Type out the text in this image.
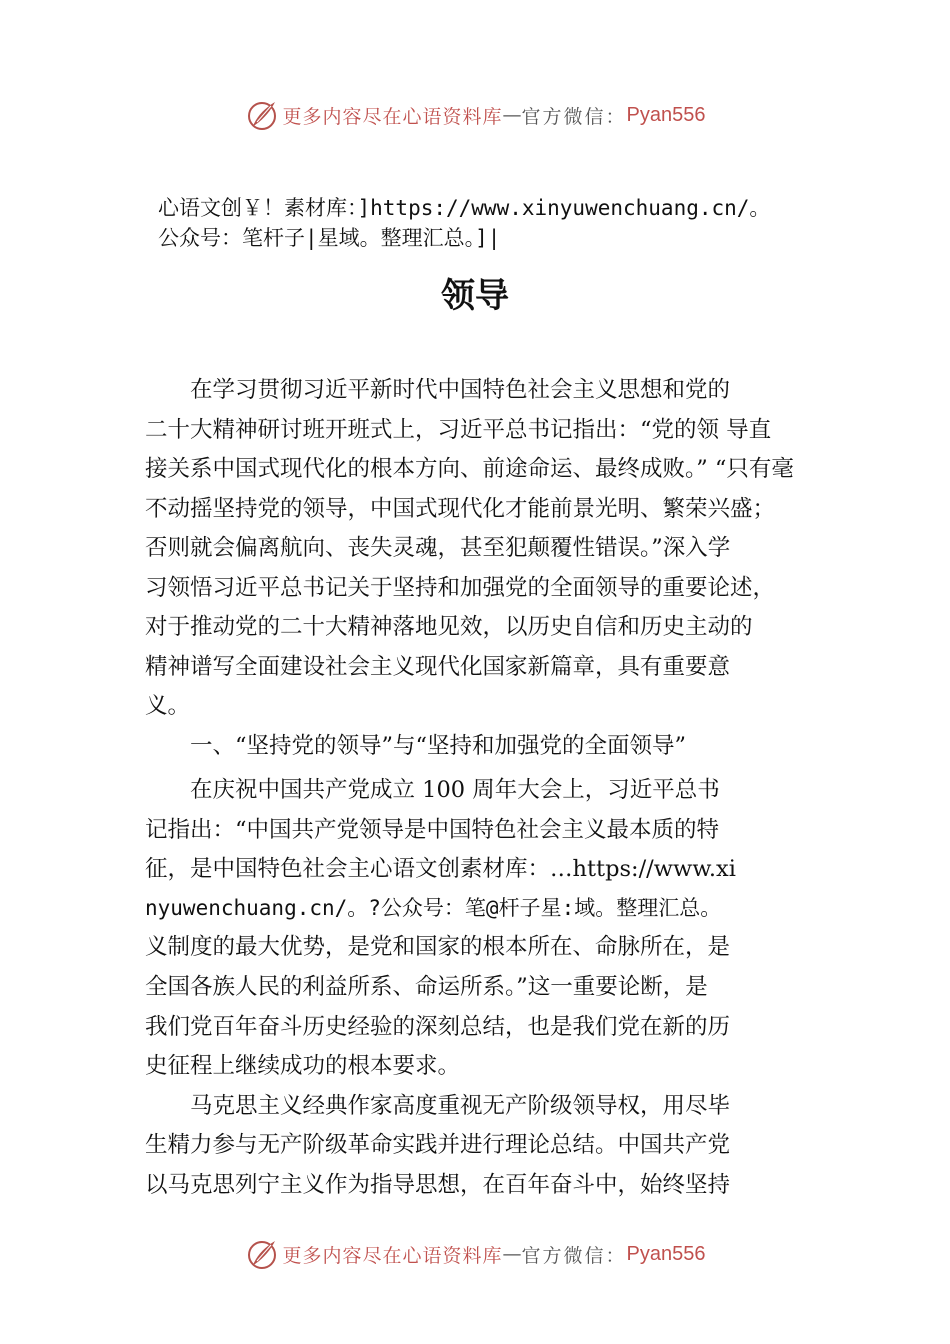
更多内容尽在心语资料库 — 官方微信： Pyan556
心语文创￥！素材库：]https://www.xinyuwenchuang.cn/。
公众号：笔杆子|星域。整理汇总。]|
领导
　　在学习贯彻习近平新时代中国特色社会主义思想和党的
二十大精神研讨班开班式上，习近平总书记指出：“党的领 导直
接关系中国式现代化的根本方向、前途命运、最终成败。” “只有毫
不动摇坚持党的领导，中国式现代化才能前景光明、繁荣兴盛；
否则就会偏离航向、丧失灵魂，甚至犯颠覆性错误。”深入学
习领悟习近平总书记关于坚持和加强党的全面领导的重要论述，
对于推动党的二十大精神落地见效，以历史自信和历史主动的
精神谱写全面建设社会主义现代化国家新篇章，具有重要意
义。
　　一、“坚持党的领导”与“坚持和加强党的全面领导”
　　在庆祝中国共产党成立 100 周年大会上，习近平总书
记指出：“中国共产党领导是中国特色社会主义最本质的特
征，是中国特色社会主心语文创素材库：…https://www.xi
nyuwenchuang.cn/。?公众号：笔@杆子星:域。整理汇总。
义制度的最大优势，是党和国家的根本所在、命脉所在，是
全国各族人民的利益所系、命运所系。”这一重要论断，是
我们党百年奋斗历史经验的深刻总结，也是我们党在新的历
史征程上继续成功的根本要求。
　　马克思主义经典作家高度重视无产阶级领导权，用尽毕
生精力参与无产阶级革命实践并进行理论总结。中国共产党
以马克思列宁主义作为指导思想，在百年奋斗中，始终坚持
更多内容尽在心语资料库 — 官方微信： Pyan556
